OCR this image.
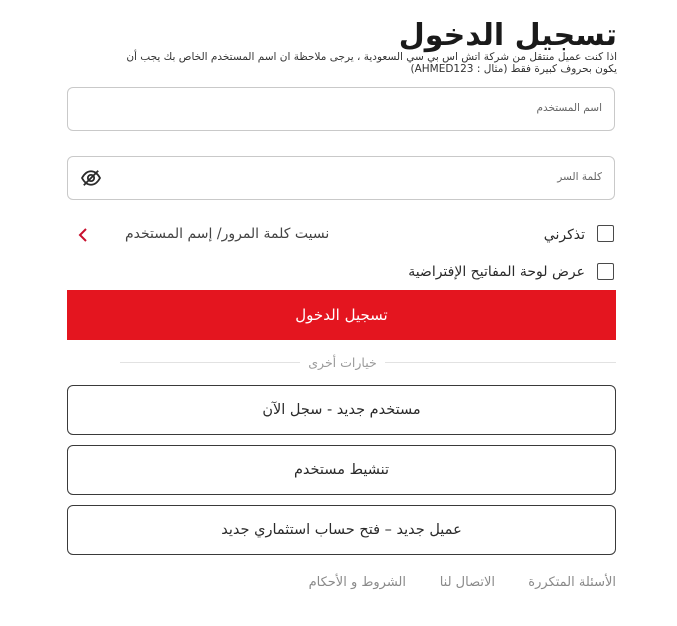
تسجيل الدخول
اذا كنت عميل منتقل من شركة اتش اس بي سي السعودية ، يرجى ملاحظة ان اسم المستخدم الخاص بك يجب أن
يكون بحروف كبيرة فقط (مثال : AHMED123)
اسم المستخدم
كلمة السر
تذكرني
نسيت كلمة المرور/ إسم المستخدم
عرض لوحة المفاتيح الإفتراضية
تسجيل الدخول
خيارات أخرى
مستخدم جديد - سجل الآن
تنشيط مستخدم
عميل جديد – فتح حساب استثماري جديد
الأسئلة المتكررة
الاتصال لنا
الشروط و الأحكام
